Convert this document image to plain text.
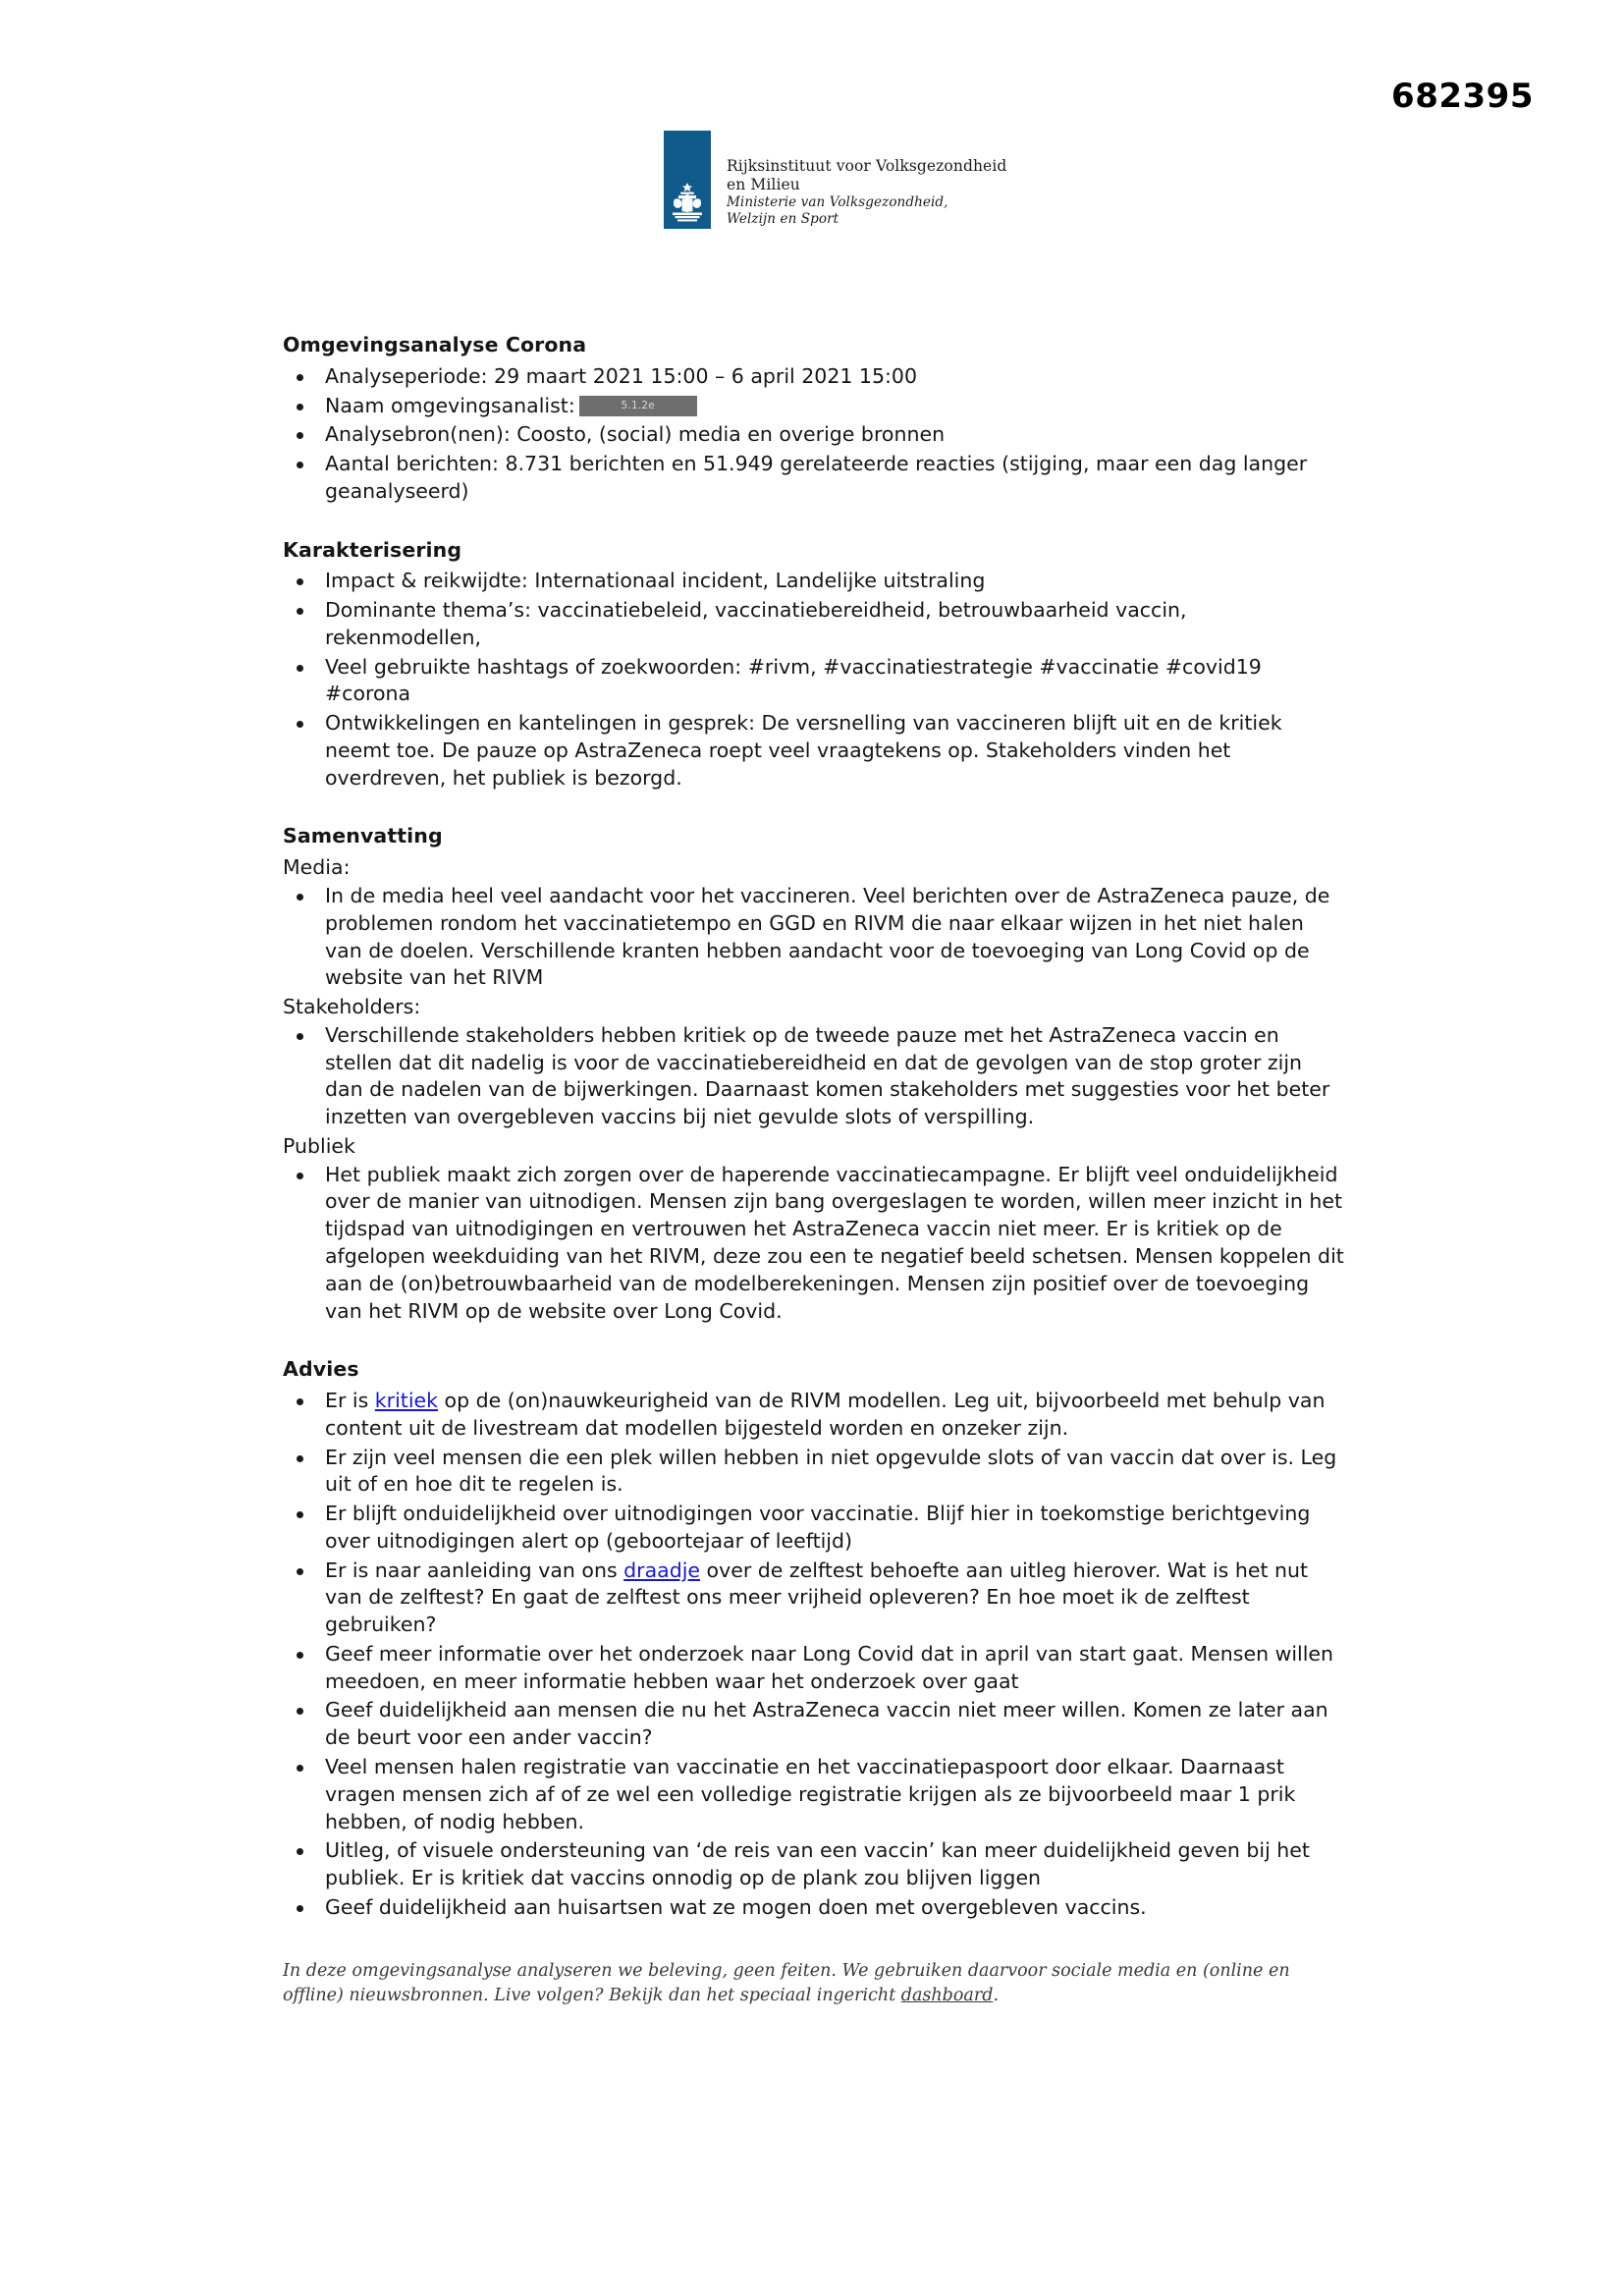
682395
Rijksinstituut voor Volksgezondheid
en Milieu
Ministerie van Volksgezondheid,
Welzijn en Sport
Omgevingsanalyse Corona
Analyseperiode: 29 maart 2021 15:00 – 6 april 2021 15:00
Naam omgevingsanalist:	5.1.2e
Analysebron(nen): Coosto, (social) media en overige bronnen
Aantal berichten: 8.731 berichten en 51.949 gerelateerde reacties (stijging, maar een dag langer geanalyseerd)
Karakterisering
Impact & reikwijdte: Internationaal incident, Landelijke uitstraling
Dominante thema’s: vaccinatiebeleid, vaccinatiebereidheid, betrouwbaarheid vaccin, rekenmodellen,
Veel gebruikte hashtags of zoekwoorden: #rivm, #vaccinatiestrategie #vaccinatie #covid19 #corona
Ontwikkelingen en kantelingen in gesprek: De versnelling van vaccineren blijft uit en de kritiek neemt toe. De pauze op AstraZeneca roept veel vraagtekens op. Stakeholders vinden het overdreven, het publiek is bezorgd.
Samenvatting
Media:
In de media heel veel aandacht voor het vaccineren. Veel berichten over de AstraZeneca pauze, de problemen rondom het vaccinatietempo en GGD en RIVM die naar elkaar wijzen in het niet halen van de doelen. Verschillende kranten hebben aandacht voor de toevoeging van Long Covid op de website van het RIVM
Stakeholders:
Verschillende stakeholders hebben kritiek op de tweede pauze met het AstraZeneca vaccin en stellen dat dit nadelig is voor de vaccinatiebereidheid en dat de gevolgen van de stop groter zijn dan de nadelen van de bijwerkingen. Daarnaast komen stakeholders met suggesties voor het beter inzetten van overgebleven vaccins bij niet gevulde slots of verspilling.
Publiek
Het publiek maakt zich zorgen over de haperende vaccinatiecampagne. Er blijft veel onduidelijkheid over de manier van uitnodigen. Mensen zijn bang overgeslagen te worden, willen meer inzicht in het tijdspad van uitnodigingen en vertrouwen het AstraZeneca vaccin niet meer. Er is kritiek op de afgelopen weekduiding van het RIVM, deze zou een te negatief beeld schetsen. Mensen koppelen dit aan de (on)betrouwbaarheid van de modelberekeningen. Mensen zijn positief over de toevoeging van het RIVM op de website over Long Covid.
Advies
Er is kritiek op de (on)nauwkeurigheid van de RIVM modellen. Leg uit, bijvoorbeeld met behulp van content uit de livestream dat modellen bijgesteld worden en onzeker zijn.
Er zijn veel mensen die een plek willen hebben in niet opgevulde slots of van vaccin dat over is. Leg uit of en hoe dit te regelen is.
Er blijft onduidelijkheid over uitnodigingen voor vaccinatie. Blijf hier in toekomstige berichtgeving over uitnodigingen alert op (geboortejaar of leeftijd)
Er is naar aanleiding van ons draadje over de zelftest behoefte aan uitleg hierover. Wat is het nut van de zelftest? En gaat de zelftest ons meer vrijheid opleveren? En hoe moet ik de zelftest gebruiken?
Geef meer informatie over het onderzoek naar Long Covid dat in april van start gaat. Mensen willen meedoen, en meer informatie hebben waar het onderzoek over gaat
Geef duidelijkheid aan mensen die nu het AstraZeneca vaccin niet meer willen. Komen ze later aan de beurt voor een ander vaccin?
Veel mensen halen registratie van vaccinatie en het vaccinatiepaspoort door elkaar. Daarnaast vragen mensen zich af of ze wel een volledige registratie krijgen als ze bijvoorbeeld maar 1 prik hebben, of nodig hebben.
Uitleg, of visuele ondersteuning van ‘de reis van een vaccin’ kan meer duidelijkheid geven bij het publiek. Er is kritiek dat vaccins onnodig op de plank zou blijven liggen
Geef duidelijkheid aan huisartsen wat ze mogen doen met overgebleven vaccins.
In deze omgevingsanalyse analyseren we beleving, geen feiten. We gebruiken daarvoor sociale media en (online en offline) nieuwsbronnen. Live volgen? Bekijk dan het speciaal ingericht dashboard.
